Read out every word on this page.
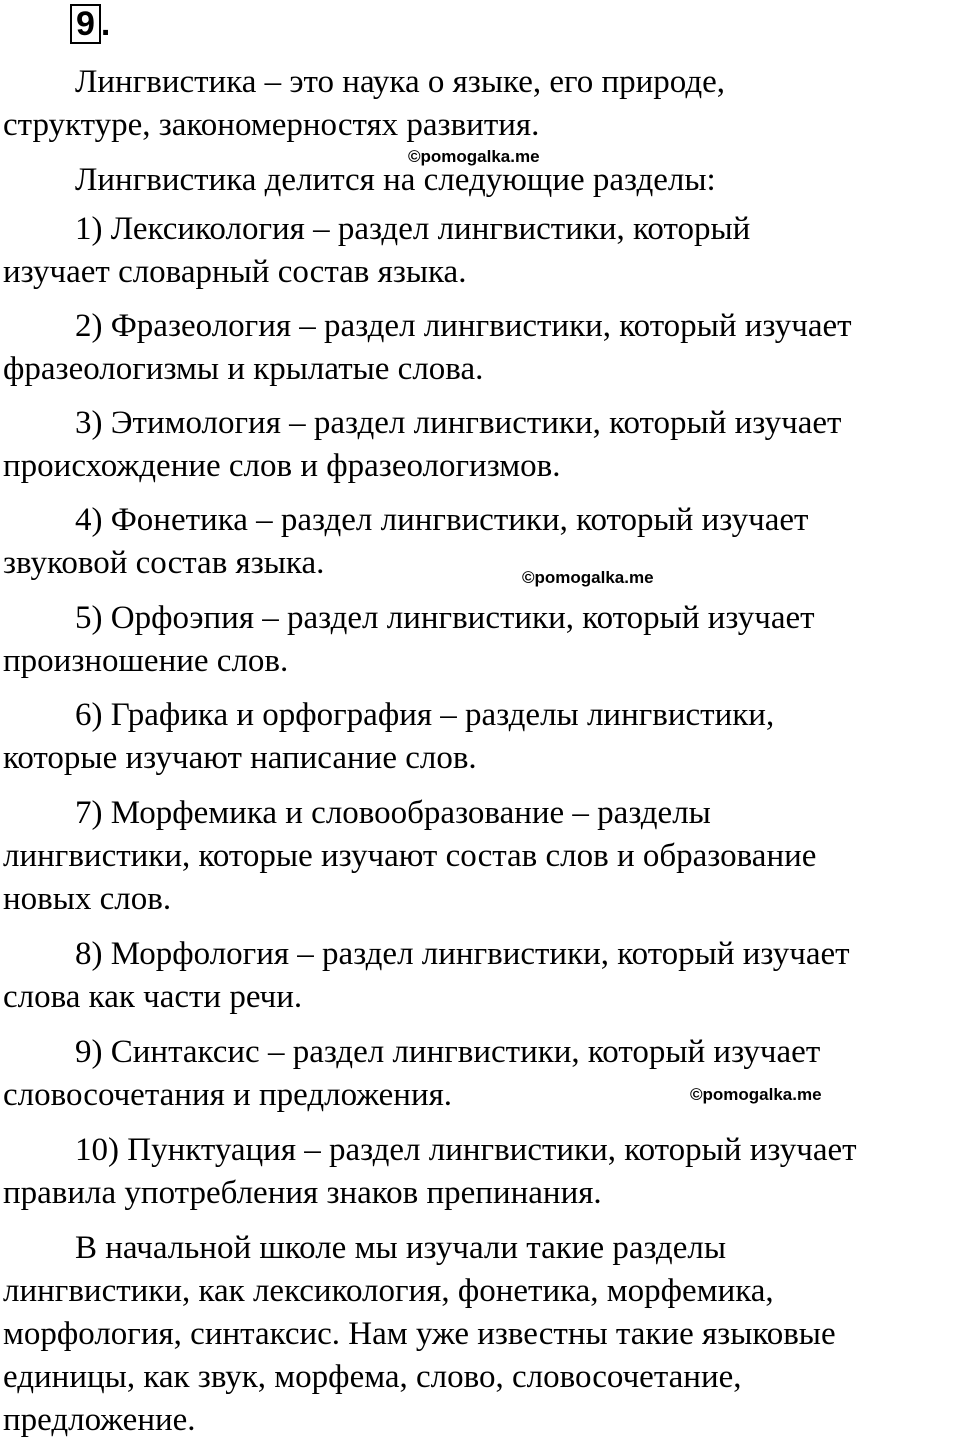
9 .

Лингвистика – это наука о языке, его природе,
структуре, закономерностях развития.

Лингвистика делится на следующие разделы:

1) Лексикология – раздел лингвистики, который
изучает словарный состав языка.

2) Фразеология – раздел лингвистики, который изучает
фразеологизмы и крылатые слова.

3) Этимология – раздел лингвистики, который изучает
происхождение слов и фразеологизмов.

4) Фонетика – раздел лингвистики, который изучает
звуковой состав языка.

5) Орфоэпия – раздел лингвистики, который изучает
произношение слов.

6) Графика и орфография – разделы лингвистики,
которые изучают написание слов.

7) Морфемика и словообразование – разделы
лингвистики, которые изучают состав слов и образование
новых слов.

8) Морфология – раздел лингвистики, который изучает
слова как части речи.

9) Синтаксис – раздел лингвистики, который изучает
словосочетания и предложения.

10) Пунктуация – раздел лингвистики, который изучает
правила употребления знаков препинания.

В начальной школе мы изучали такие разделы
лингвистики, как лексикология, фонетика, морфемика,
морфология, синтаксис. Нам уже известны такие языковые
единицы, как звук, морфема, слово, словосочетание,
предложение.

©pomogalka.me
©pomogalka.me
©pomogalka.me
